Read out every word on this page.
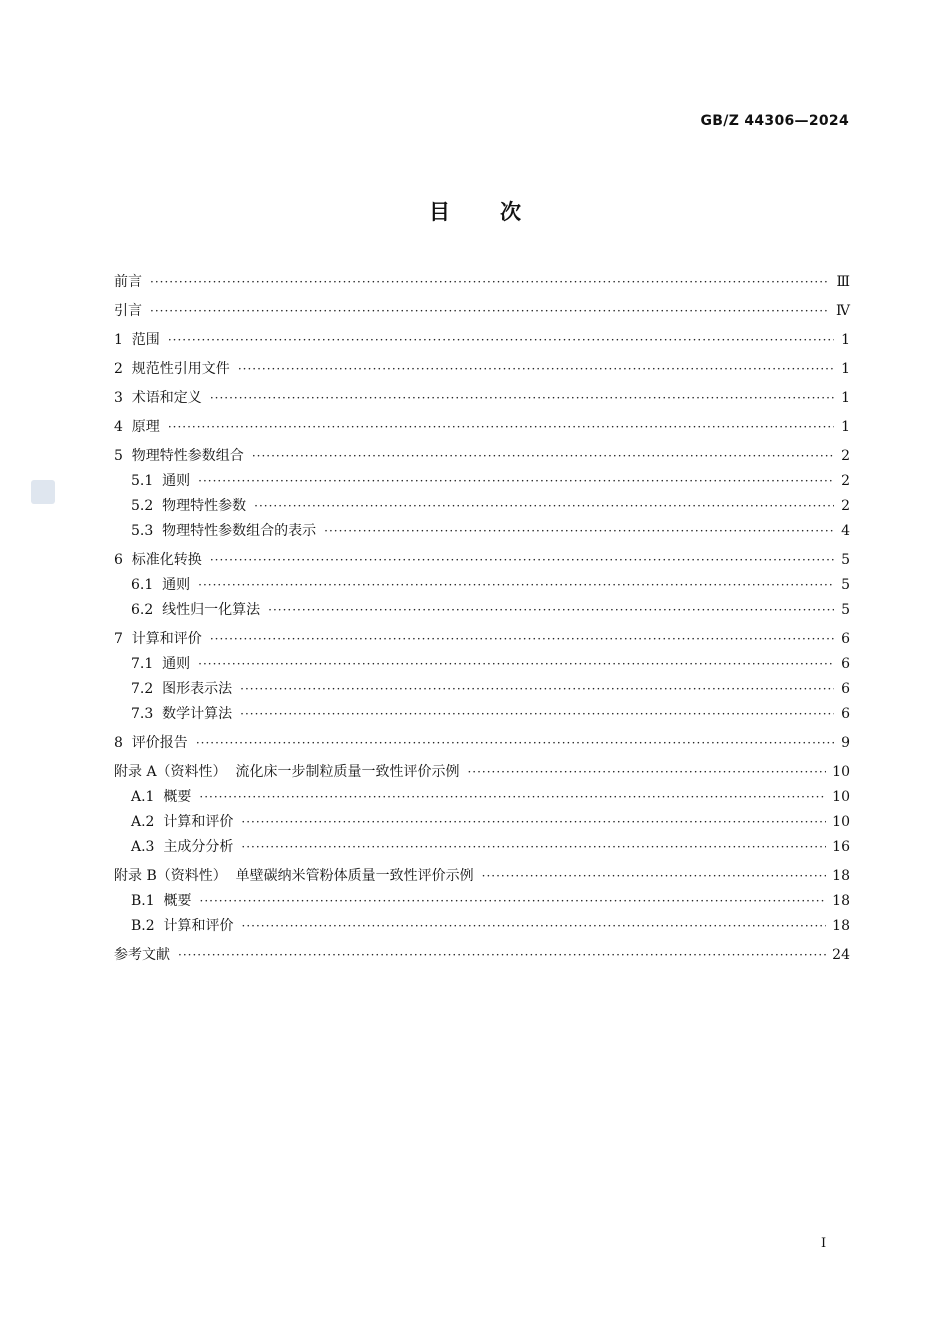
GB/Z 44306—2024
目次
前言 ·····	Ⅲ
引言 ·····	Ⅳ
1  范围 ·····	1
2  规范性引用文件 ·····	1
3  术语和定义 ·····	1
4  原理 ·····	1
5  物理特性参数组合 ·····	2
5.1  通则 ·····	2
5.2  物理特性参数 ·····	2
5.3  物理特性参数组合的表示 ·····	4
6  标准化转换 ·····	5
6.1  通则 ·····	5
6.2  线性归一化算法 ·····	5
7  计算和评价 ·····	6
7.1  通则 ·····	6
7.2  图形表示法 ·····	6
7.3  数学计算法 ·····	6
8  评价报告 ·····	9
附录 A（资料性）  流化床一步制粒质量一致性评价示例 ·····	10
A.1  概要 ·····	10
A.2  计算和评价 ·····	10
A.3  主成分分析 ·····	16
附录 B（资料性）  单壁碳纳米管粉体质量一致性评价示例 ·····	18
B.1  概要 ·····	18
B.2  计算和评价 ·····	18
参考文献 ·····	24
I
